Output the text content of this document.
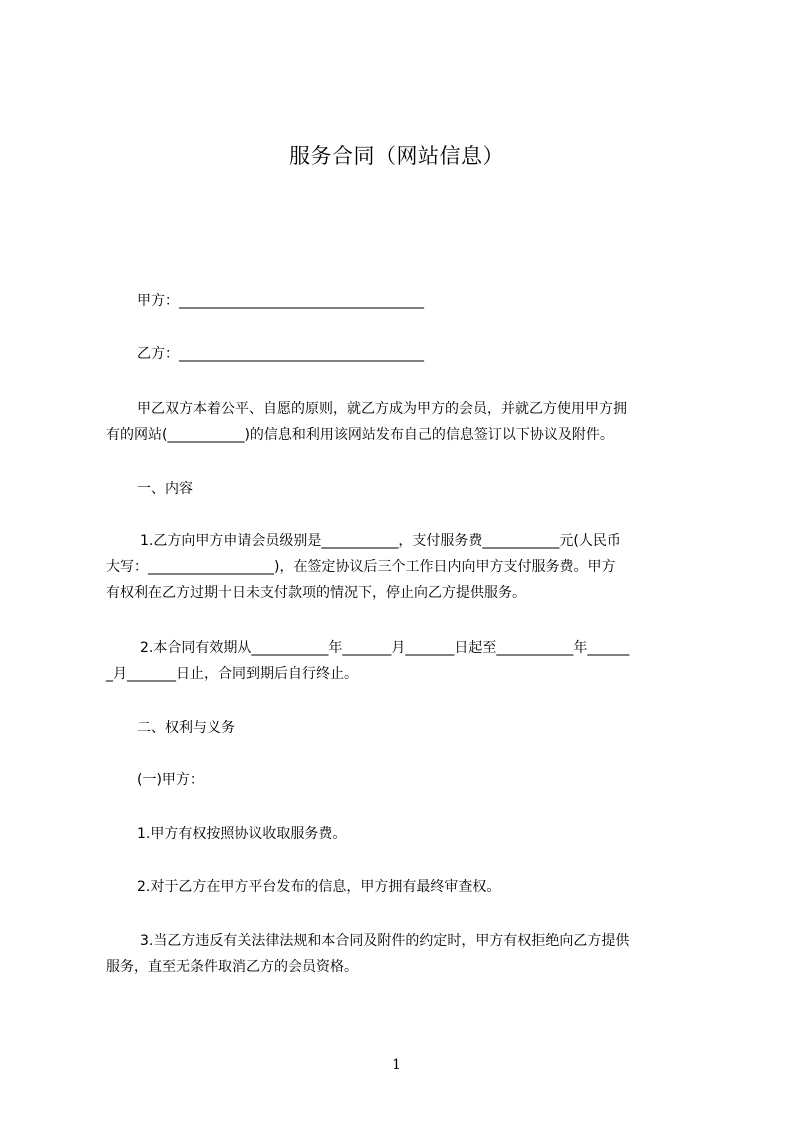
服务合同（网站信息）
甲方：___________________________________
乙方：___________________________________
甲乙双方本着公平、自愿的原则，就乙方成为甲方的会员，并就乙方使用甲方拥
有的网站(___________)的信息和利用该网站发布自己的信息签订以下协议及附件。
一、内容
1.乙方向甲方申请会员级别是___________，支付服务费___________元(人民币
大写：__________________)，在签定协议后三个工作日内向甲方支付服务费。甲方
有权利在乙方过期十日未支付款项的情况下，停止向乙方提供服务。
2.本合同有效期从___________年_______月_______日起至___________年______
_月_______日止，合同到期后自行终止。
二、权利与义务
(一)甲方：
1.甲方有权按照协议收取服务费。
2.对于乙方在甲方平台发布的信息，甲方拥有最终审查权。
3.当乙方违反有关法律法规和本合同及附件的约定时，甲方有权拒绝向乙方提供
服务，直至无条件取消乙方的会员资格。
1
